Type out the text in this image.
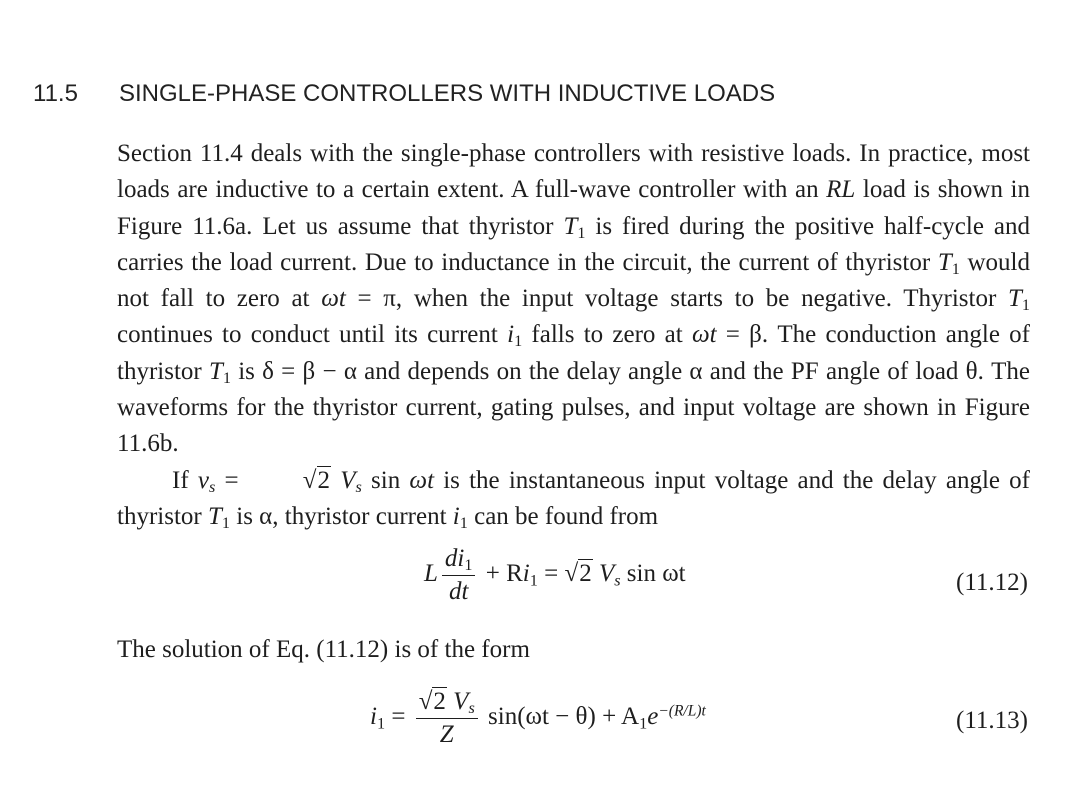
11.5 SINGLE-PHASE CONTROLLERS WITH INDUCTIVE LOADS

Section 11.4 deals with the single-phase controllers with resistive loads. In practice, most loads are inductive to a certain extent. A full-wave controller with an RL load is shown in Figure 11.6a. Let us assume that thyristor $T_1$ is fired during the positive half-cycle and carries the load current. Due to inductance in the circuit, the current of thyristor $T_1$ would not fall to zero at ωt = π, when the input voltage starts to be negative. Thyristor $T_1$ continues to conduct until its current $i_1$ falls to zero at ωt = β. The conduction angle of thyristor $T_1$ is δ = β − α and depends on the delay angle α and the PF angle of load θ. The waveforms for the thyristor current, gating pulses, and input voltage are shown in Figure 11.6b.

If $v_s = √2$ $V_s$ sin ωt is the instantaneous input voltage and the delay angle of thyristor $T_1$ is α, thyristor current $i_1$ can be found from

L $\frac{di_1}{dt} + Ri_1 = √2$ $V_s$ sin ωt	(11.12)
The solution of Eq. (11.12) is of the form
$i_1 = \frac{√2 V_s}{Z} \sin(\omega t - \theta) + A_1e^{-(R/L)t}$	(11.13)
